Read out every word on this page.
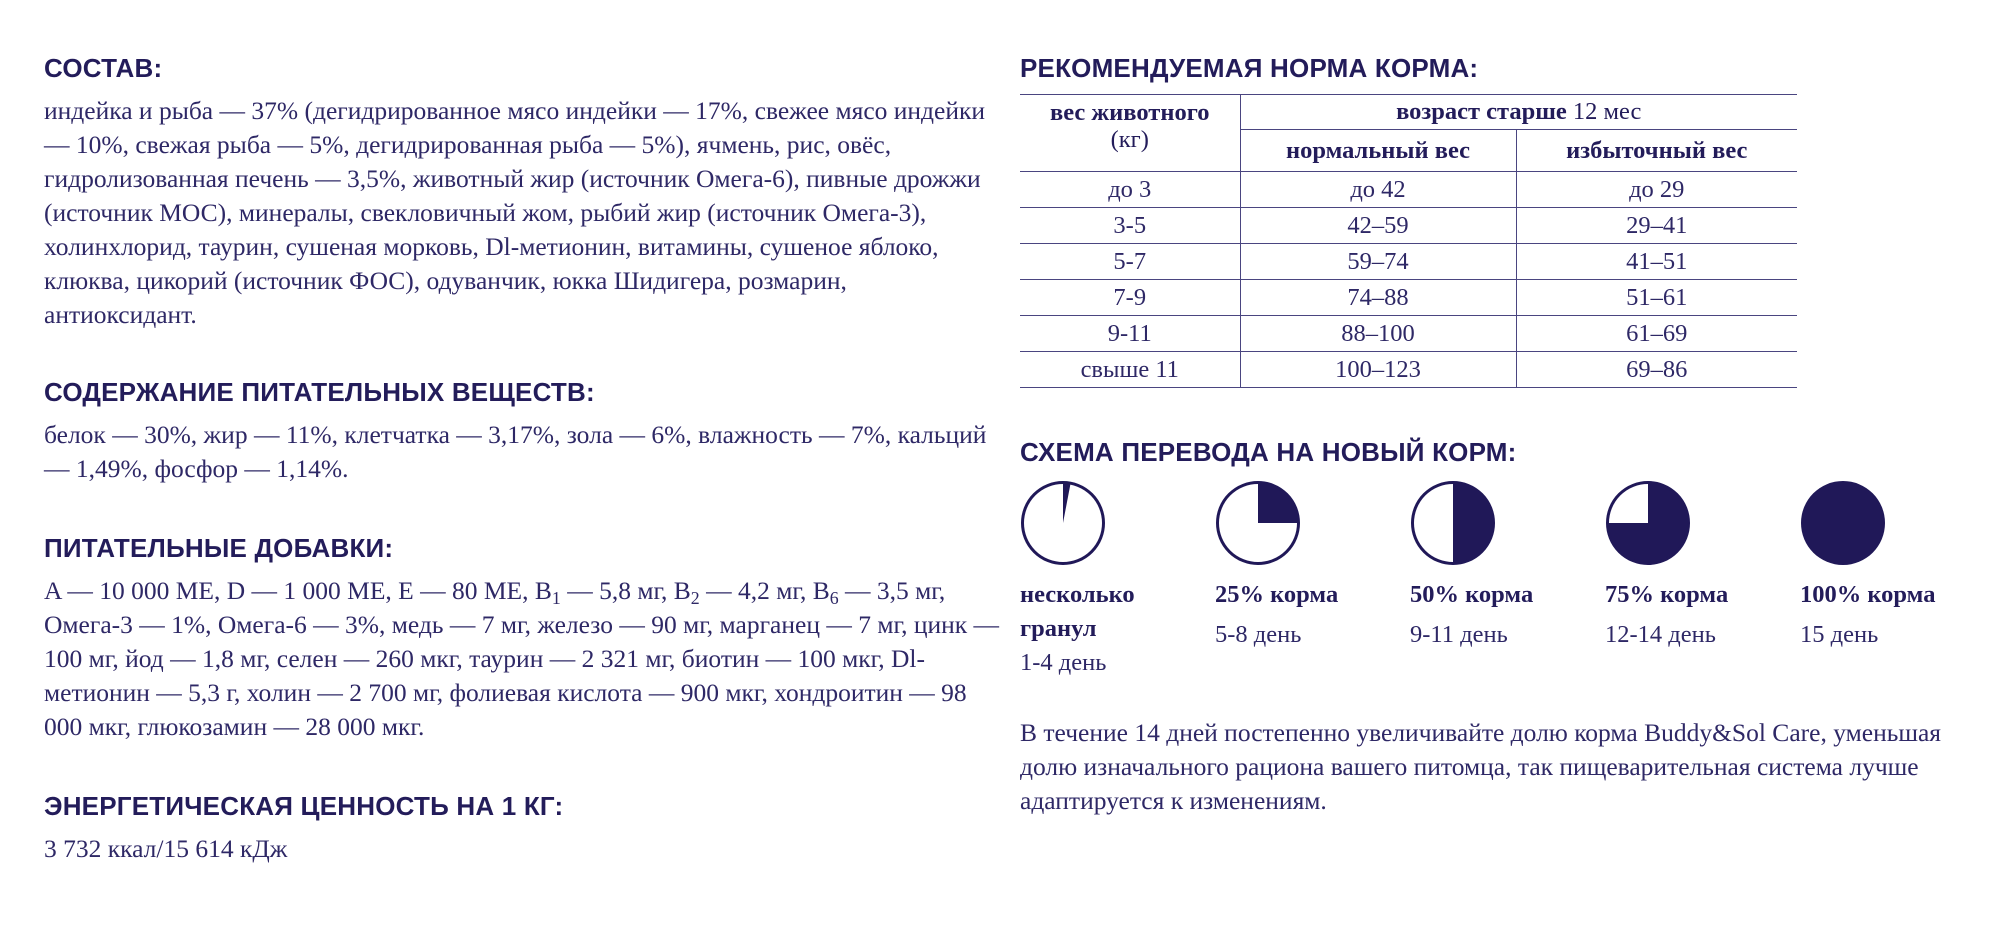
СОСТАВ:

индейка и рыба — 37% (дегидрированное мясо индейки — 17%, свежее мясо индейки — 10%, свежая рыба — 5%, дегидрированная рыба — 5%), ячмень, рис, овёс, гидролизованная печень — 3,5%, животный жир (источник Омега-6), пивные дрожжи (источник МОС), минералы, свекловичный жом, рыбий жир (источник Омега-3), холинхлорид, таурин, сушеная морковь, Dl-метионин, витамины, сушеное яблоко, клюква, цикорий (источник ФОС), одуванчик, юкка Шидигера, розмарин, антиоксидант.

СОДЕРЖАНИЕ ПИТАТЕЛЬНЫХ ВЕЩЕСТВ:

белок — 30%, жир — 11%, клетчатка — 3,17%, зола — 6%, влажность — 7%, кальций — 1,49%, фосфор — 1,14%.

ПИТАТЕЛЬНЫЕ ДОБАВКИ:

A — 10 000 ME, D — 1 000 ME, E — 80 ME, $B_1$ — 5,8 мг, $B_2$ — 4,2 мг, $B_6$ — 3,5 мг, Омега-3 — 1%, Омега-6 — 3%, медь — 7 мг, железо — 90 мг, марганец — 7 мг, цинк — 100 мг, йод — 1,8 мг, селен — 260 мкг, таурин — 2 321 мг, биотин — 100 мкг, Dl-метионин — 5,3 г, холин — 2 700 мг, фолиевая кислота — 900 мкг, хондроитин — 98 000 мкг, глюкозамин — 28 000 мкг.

ЭНЕРГЕТИЧЕСКАЯ ЦЕННОСТЬ НА 1 КГ:

3 732 ккал/15 614 кДж

РЕКОМЕНДУЕМАЯ НОРМА КОРМА:
вес животного
(кг)	возраст старше 12 мес	
	нормальный вес	избыточный вес
до 3	до 42	до 29
3-5	42–59	29–41
5-7	59–74	41–51
7-9	74–88	51–61
9-11	88–100	61–69
свыше 11	100–123	69–86
СХЕМА ПЕРЕВОДА НА НОВЫЙ КОРМ:
несколько гранул
1-4 день
25% корма
5-8 день
50% корма
9-11 день
75% корма
12-14 день
100% корма
15 день

В течение 14 дней постепенно увеличивайте долю корма Buddy&Sol Care, уменьшая долю изначального рациона вашего питомца, так пищеварительная система лучше адаптируется к изменениям.
